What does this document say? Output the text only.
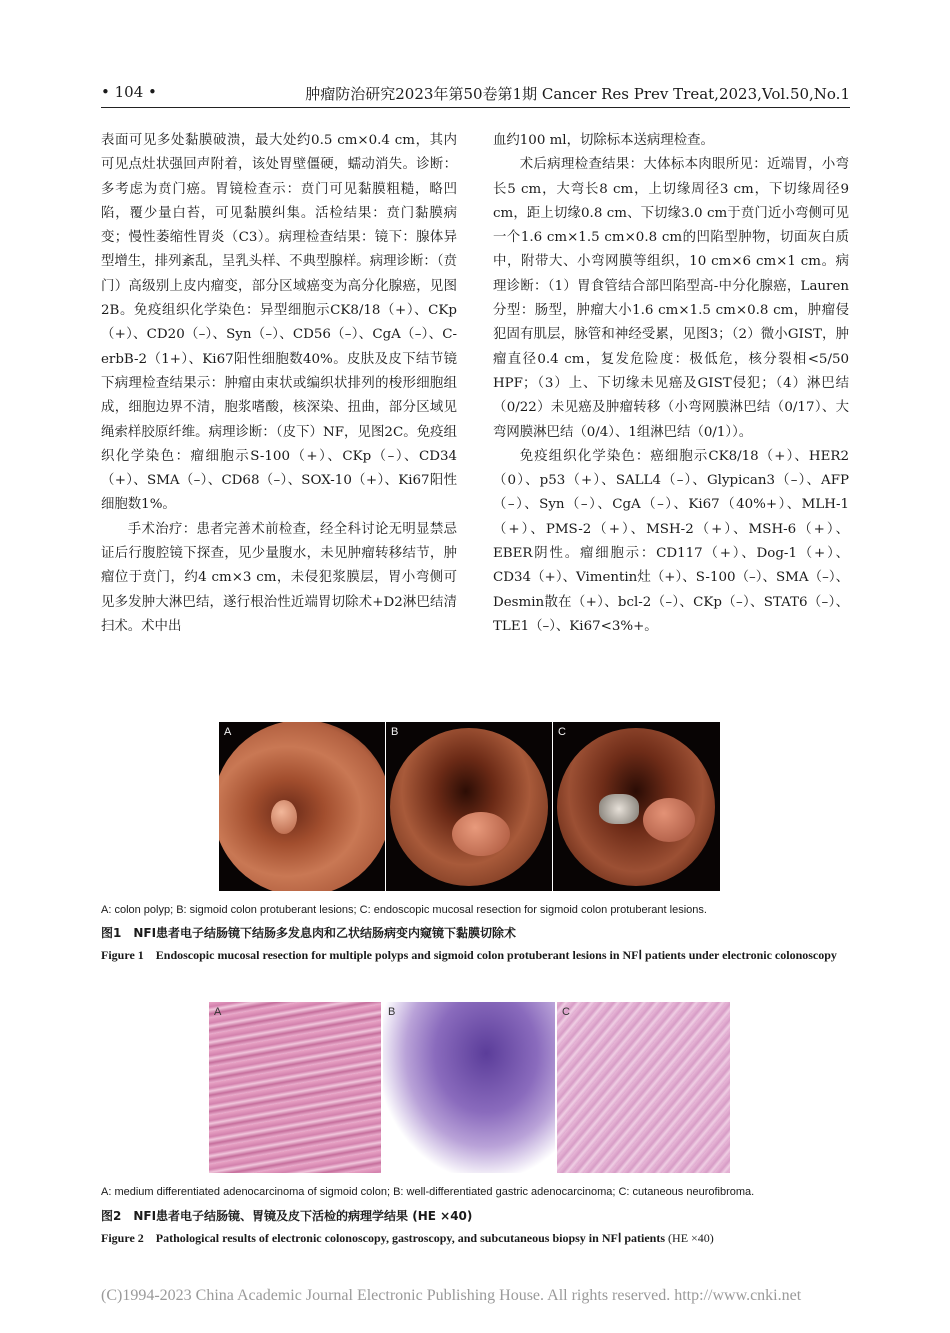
• 104 •	肿瘤防治研究2023年第50卷第1期 Cancer Res Prev Treat,2023,Vol.50,No.1

表面可见多处黏膜破溃，最大处约0.5 cm×0.4 cm，其内可见点灶状强回声附着，该处胃壁僵硬，蠕动消失。诊断：多考虑为贲门癌。胃镜检查示：贲门可见黏膜粗糙，略凹陷，覆少量白苔，可见黏膜纠集。活检结果：贲门黏膜病变；慢性萎缩性胃炎（C3）。病理检查结果：镜下：腺体异型增生，排列紊乱，呈乳头样、不典型腺样。病理诊断：（贲门）高级别上皮内瘤变，部分区域癌变为高分化腺癌，见图2B。免疫组织化学染色：异型细胞示CK8/18（+）、CKp（+）、CD20（–）、Syn（–）、CD56（–）、CgA（–）、C-erbB-2（1+）、Ki67阳性细胞数40%。皮肤及皮下结节镜下病理检查结果示：肿瘤由束状或编织状排列的梭形细胞组成，细胞边界不清，胞浆嗜酸，核深染、扭曲，部分区域见绳索样胶原纤维。病理诊断：（皮下）NF，见图2C。免疫组织化学染色：瘤细胞示S-100（+）、CKp（–）、CD34（+）、SMA（–）、CD68（–）、SOX-10（+）、Ki67阳性细胞数1%。

手术治疗：患者完善术前检查，经全科讨论无明显禁忌证后行腹腔镜下探查，见少量腹水，未见肿瘤转移结节，肿瘤位于贲门，约4 cm×3 cm，未侵犯浆膜层，胃小弯侧可见多发肿大淋巴结，遂行根治性近端胃切除术+D2淋巴结清扫术。术中出

血约100 ml，切除标本送病理检查。

术后病理检查结果：大体标本肉眼所见：近端胃，小弯长5 cm，大弯长8 cm，上切缘周径3 cm，下切缘周径9 cm，距上切缘0.8 cm、下切缘3.0 cm于贲门近小弯侧可见一个1.6 cm×1.5 cm×0.8 cm的凹陷型肿物，切面灰白质中，附带大、小弯网膜等组织，10 cm×6 cm×1 cm。病理诊断：（1）胃食管结合部凹陷型高-中分化腺癌，Lauren分型：肠型，肿瘤大小1.6 cm×1.5 cm×0.8 cm，肿瘤侵犯固有肌层，脉管和神经受累，见图3；（2）微小GIST，肿瘤直径0.4 cm，复发危险度：极低危，核分裂相<5/50 HPF；（3）上、下切缘未见癌及GIST侵犯；（4）淋巴结（0/22）未见癌及肿瘤转移（小弯网膜淋巴结（0/17）、大弯网膜淋巴结（0/4）、1组淋巴结（0/1））。

免疫组织化学染色：癌细胞示CK8/18（+）、HER2（0）、p53（+）、SALL4（–）、Glypican3（–）、AFP（–）、Syn（–）、CgA（–）、Ki67（40%+）、MLH-1（+）、PMS-2（+）、MSH-2（+）、MSH-6（+）、EBER阴性。瘤细胞示：CD117（+）、Dog-1（+）、CD34（+）、Vimentin灶（+）、S-100（–）、SMA（–）、Desmin散在（+）、bcl-2（–）、CKp（–）、STAT6（–）、TLE1（–）、Ki67<3%+。

A	B	C
A: colon polyp; B: sigmoid colon protuberant lesions; C: endoscopic mucosal resection for sigmoid colon protuberant lesions.
图1　NFⅠ患者电子结肠镜下结肠多发息肉和乙状结肠病变内窥镜下黏膜切除术
Figure 1　Endoscopic mucosal resection for multiple polyps and sigmoid colon protuberant lesions in NFⅠ patients under electronic colonoscopy
A	B	C
A: medium differentiated adenocarcinoma of sigmoid colon; B: well-differentiated gastric adenocarcinoma; C: cutaneous neurofibroma.
图2　NFⅠ患者电子结肠镜、胃镜及皮下活检的病理学结果 (HE ×40)
Figure 2　Pathological results of electronic colonoscopy, gastroscopy, and subcutaneous biopsy in NFⅠ patients (HE ×40)
(C)1994-2023 China Academic Journal Electronic Publishing House. All rights reserved. http://www.cnki.net
